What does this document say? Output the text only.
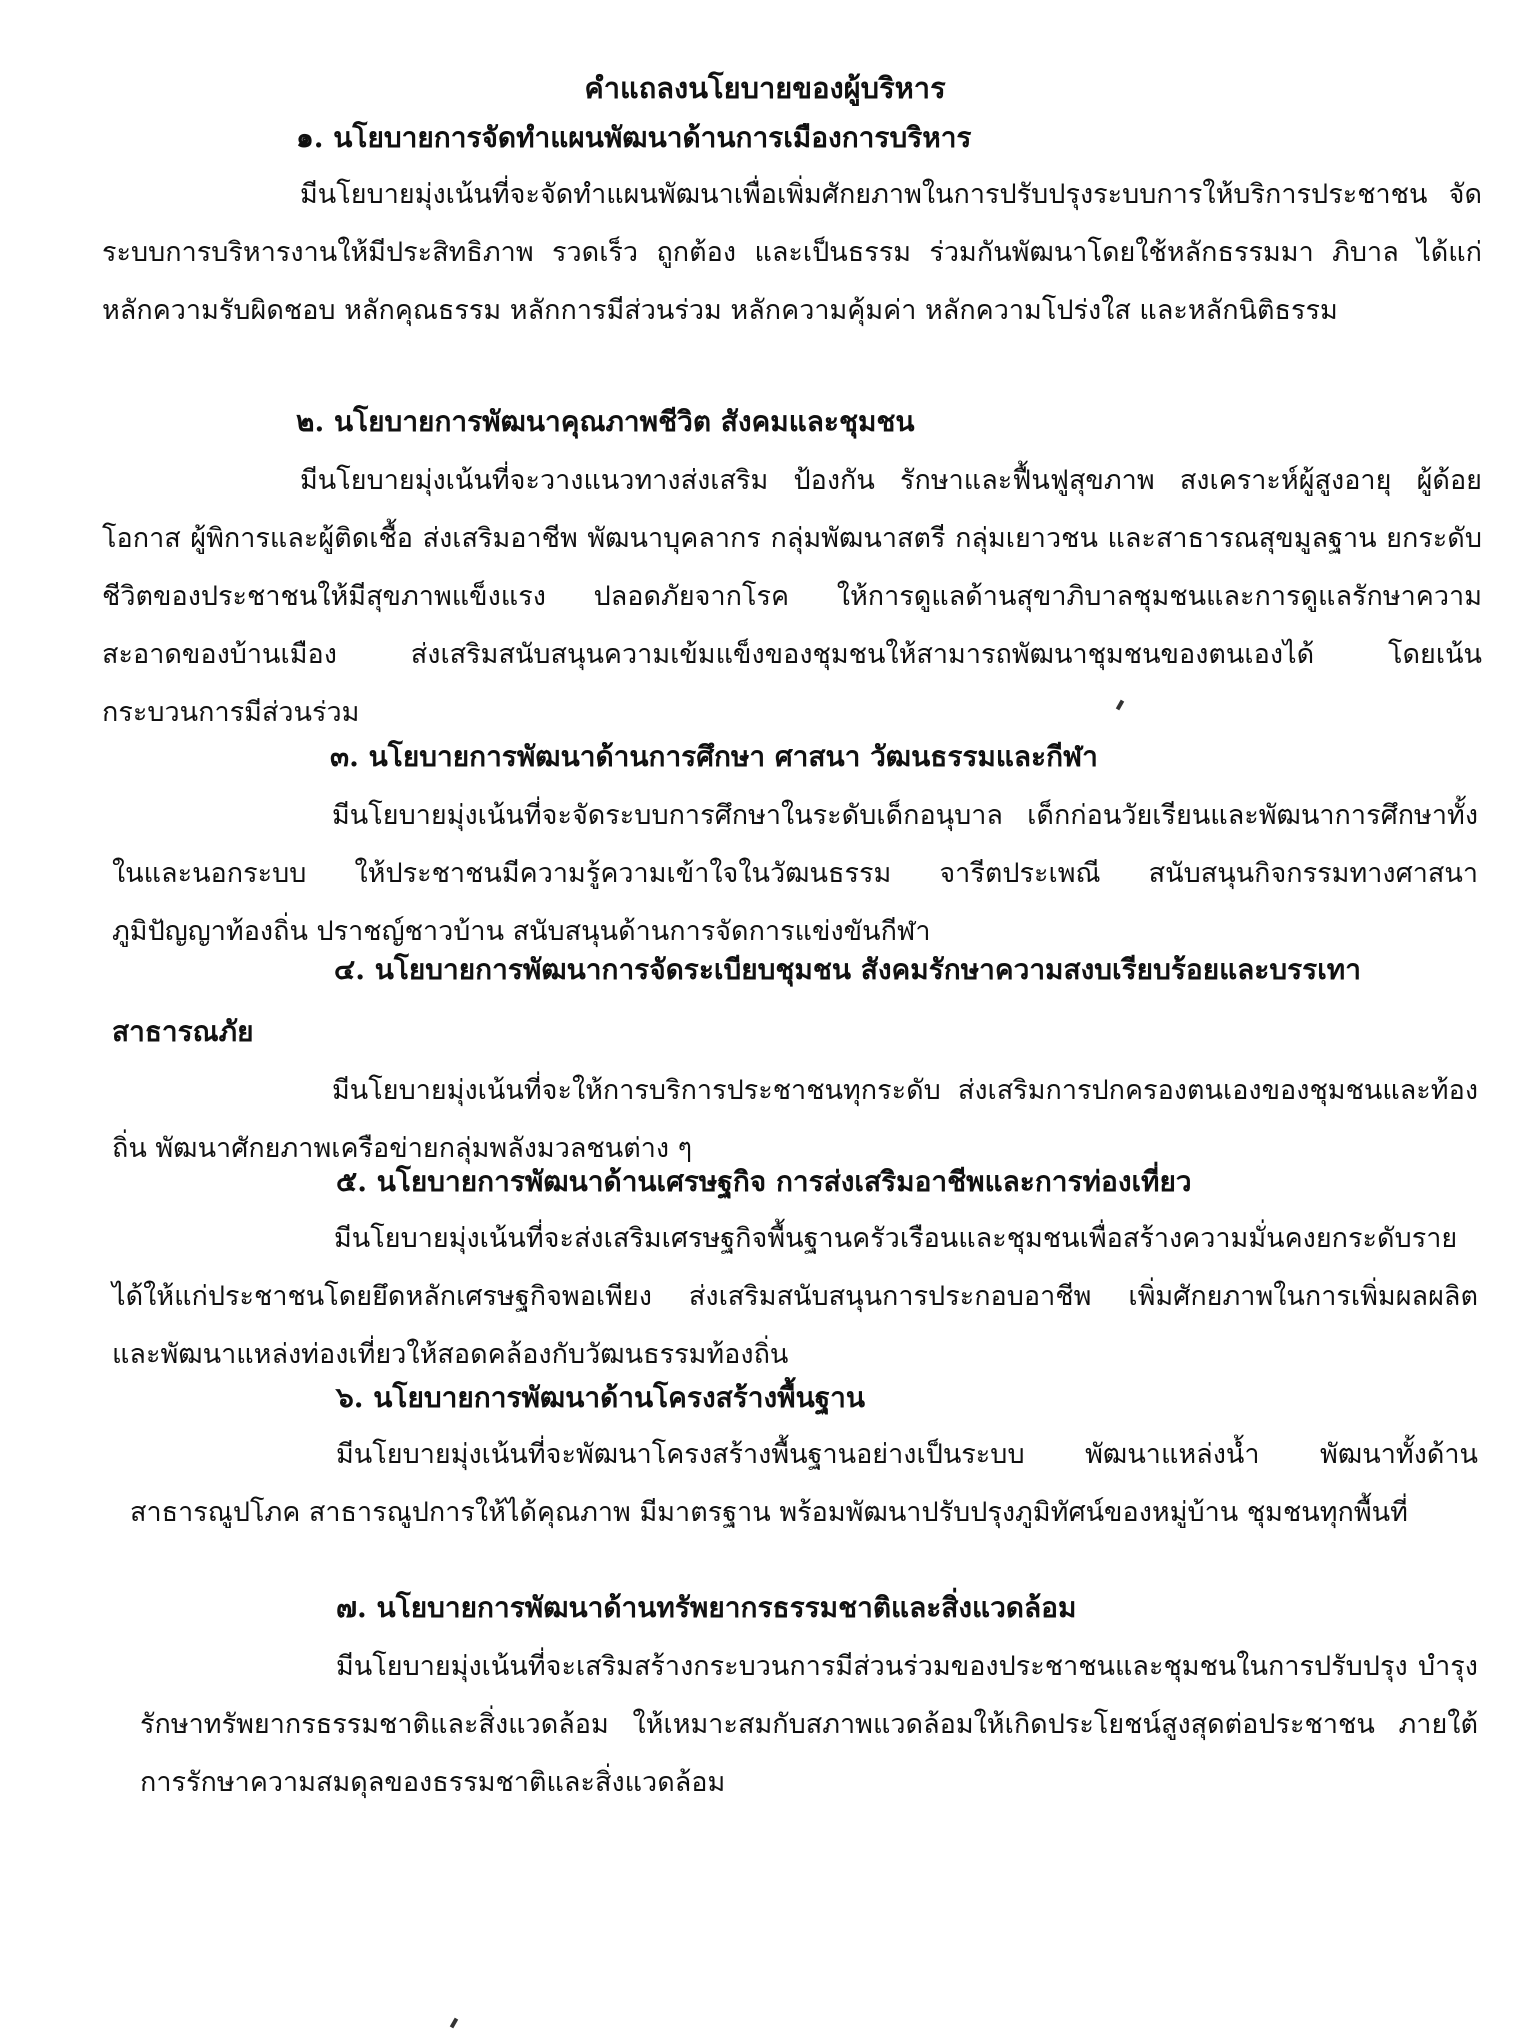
คำแถลงนโยบายของผู้บริหาร
๑. นโยบายการจัดทำแผนพัฒนาด้านการเมืองการบริหาร

มีนโยบายมุ่งเน้นที่จะจัดทำแผนพัฒนาเพื่อเพิ่มศักยภาพในการปรับปรุงระบบการให้บริการประชาชน จัดระบบการบริหารงานให้มีประสิทธิภาพ รวดเร็ว ถูกต้อง และเป็นธรรม ร่วมกันพัฒนาโดยใช้หลักธรรมมา ภิบาล ได้แก่ หลักความรับผิดชอบ หลักคุณธรรม หลักการมีส่วนร่วม หลักความคุ้มค่า หลักความโปร่งใส และหลักนิติธรรม

๒. นโยบายการพัฒนาคุณภาพชีวิต สังคมและชุมชน

มีนโยบายมุ่งเน้นที่จะวางแนวทางส่งเสริม ป้องกัน รักษาและฟื้นฟูสุขภาพ สงเคราะห์ผู้สูงอายุ ผู้ด้อยโอกาส ผู้พิการและผู้ติดเชื้อ ส่งเสริมอาชีพ พัฒนาบุคลากร กลุ่มพัฒนาสตรี กลุ่มเยาวชน และสาธารณสุขมูลฐาน ยกระดับชีวิตของประชาชนให้มีสุขภาพแข็งแรง ปลอดภัยจากโรค ให้การดูแลด้านสุขาภิบาลชุมชนและการดูแลรักษาความสะอาดของบ้านเมือง ส่งเสริมสนับสนุนความเข้มแข็งของชุมชนให้สามารถพัฒนาชุมชนของตนเองได้ โดยเน้นกระบวนการมีส่วนร่วม

๓. นโยบายการพัฒนาด้านการศึกษา ศาสนา วัฒนธรรมและกีฬา

มีนโยบายมุ่งเน้นที่จะจัดระบบการศึกษาในระดับเด็กอนุบาล เด็กก่อนวัยเรียนและพัฒนาการศึกษาทั้งในและนอกระบบ ให้ประชาชนมีความรู้ความเข้าใจในวัฒนธรรม จารีตประเพณี สนับสนุนกิจกรรมทางศาสนา ภูมิปัญญาท้องถิ่น ปราชญ์ชาวบ้าน สนับสนุนด้านการจัดการแข่งขันกีฬา

๔. นโยบายการพัฒนาการจัดระเบียบชุมชน สังคมรักษาความสงบเรียบร้อยและบรรเทา
สาธารณภัย

มีนโยบายมุ่งเน้นที่จะให้การบริการประชาชนทุกระดับ ส่งเสริมการปกครองตนเองของชุมชนและท้องถิ่น พัฒนาศักยภาพเครือข่ายกลุ่มพลังมวลชนต่าง ๆ

๕. นโยบายการพัฒนาด้านเศรษฐกิจ การส่งเสริมอาชีพและการท่องเที่ยว

มีนโยบายมุ่งเน้นที่จะส่งเสริมเศรษฐกิจพื้นฐานครัวเรือนและชุมชนเพื่อสร้างความมั่นคงยกระดับรายได้ให้แก่ประชาชนโดยยึดหลักเศรษฐกิจพอเพียง ส่งเสริมสนับสนุนการประกอบอาชีพ เพิ่มศักยภาพในการเพิ่มผลผลิต และพัฒนาแหล่งท่องเที่ยวให้สอดคล้องกับวัฒนธรรมท้องถิ่น

๖. นโยบายการพัฒนาด้านโครงสร้างพื้นฐาน

มีนโยบายมุ่งเน้นที่จะพัฒนาโครงสร้างพื้นฐานอย่างเป็นระบบ พัฒนาแหล่งน้ำ พัฒนาทั้งด้านสาธารณูปโภค สาธารณูปการให้ได้คุณภาพ มีมาตรฐาน พร้อมพัฒนาปรับปรุงภูมิทัศน์ของหมู่บ้าน ชุมชนทุกพื้นที่

๗. นโยบายการพัฒนาด้านทรัพยากรธรรมชาติและสิ่งแวดล้อม

มีนโยบายมุ่งเน้นที่จะเสริมสร้างกระบวนการมีส่วนร่วมของประชาชนและชุมชนในการปรับปรุง บำรุงรักษาทรัพยากรธรรมชาติและสิ่งแวดล้อม ให้เหมาะสมกับสภาพแวดล้อมให้เกิดประโยชน์สูงสุดต่อประชาชน ภายใต้การรักษาความสมดุลของธรรมชาติและสิ่งแวดล้อม
